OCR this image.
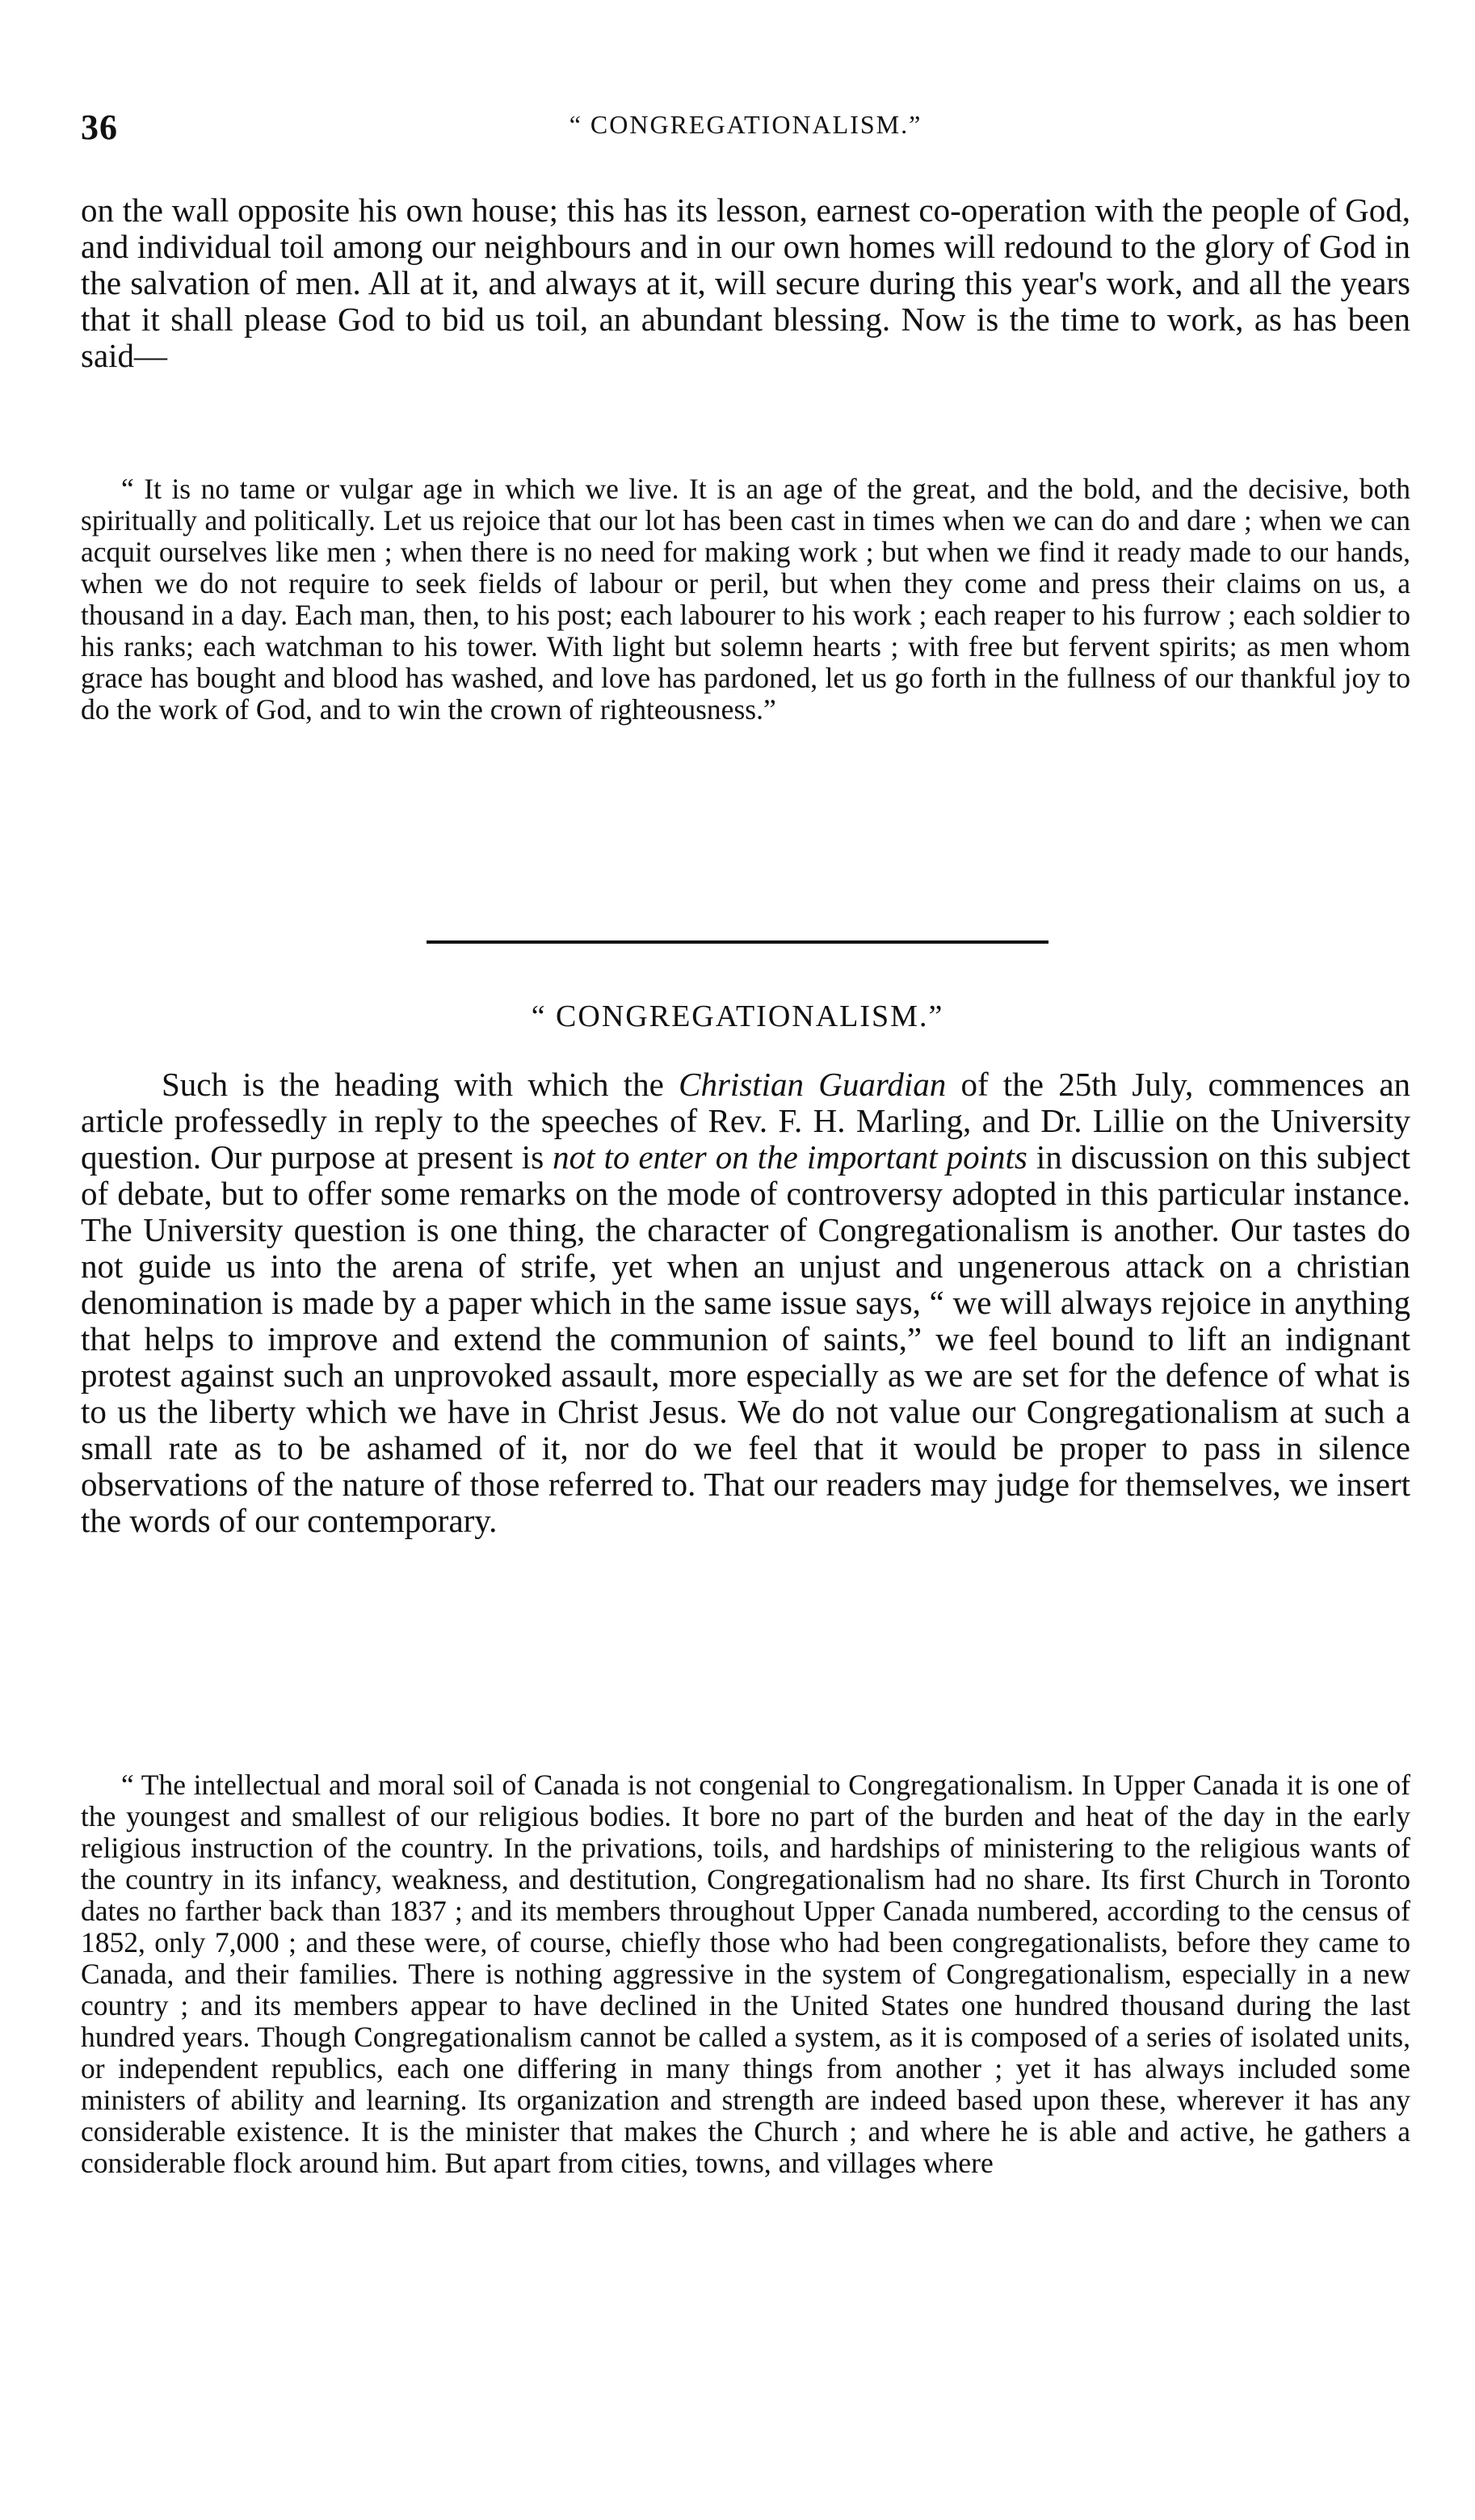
36	“ CONGREGATIONALISM.”

on the wall opposite his own house; this has its lesson, earnest co-operation with the people of God, and individual toil among our neighbours and in our own homes will redound to the glory of God in the salvation of men. All at it, and always at it, will secure during this year's work, and all the years that it shall please God to bid us toil, an abundant blessing. Now is the time to work, as has been said—

“ It is no tame or vulgar age in which we live. It is an age of the great, and the bold, and the decisive, both spiritually and politically. Let us rejoice that our lot has been cast in times when we can do and dare ; when we can acquit ourselves like men ; when there is no need for making work ; but when we find it ready made to our hands, when we do not require to seek fields of labour or peril, but when they come and press their claims on us, a thousand in a day. Each man, then, to his post; each labourer to his work ; each reaper to his furrow ; each soldier to his ranks; each watchman to his tower. With light but solemn hearts ; with free but fervent spirits; as men whom grace has bought and blood has washed, and love has pardoned, let us go forth in the fullness of our thankful joy to do the work of God, and to win the crown of righteousness.”

“ CONGREGATIONALISM.”

Such is the heading with which the Christian Guardian of the 25th July, commences an article professedly in reply to the speeches of Rev. F. H. Marling, and Dr. Lillie on the University question. Our purpose at present is not to enter on the important points in discussion on this subject of debate, but to offer some remarks on the mode of controversy adopted in this particular instance. The University question is one thing, the character of Congregationalism is another. Our tastes do not guide us into the arena of strife, yet when an unjust and ungenerous attack on a christian denomination is made by a paper which in the same issue says, “ we will always rejoice in anything that helps to improve and extend the communion of saints,” we feel bound to lift an indignant protest against such an unprovoked assault, more especially as we are set for the defence of what is to us the liberty which we have in Christ Jesus. We do not value our Congregationalism at such a small rate as to be ashamed of it, nor do we feel that it would be proper to pass in silence observations of the nature of those referred to. That our readers may judge for themselves, we insert the words of our contemporary.

“ The intellectual and moral soil of Canada is not congenial to Congregationalism. In Upper Canada it is one of the youngest and smallest of our religious bodies. It bore no part of the burden and heat of the day in the early religious instruction of the country. In the privations, toils, and hardships of ministering to the religious wants of the country in its infancy, weakness, and destitution, Congregationalism had no share. Its first Church in Toronto dates no farther back than 1837 ; and its members throughout Upper Canada numbered, according to the census of 1852, only 7,000 ; and these were, of course, chiefly those who had been congregationalists, before they came to Canada, and their families. There is nothing aggressive in the system of Congregationalism, especially in a new country ; and its members appear to have declined in the United States one hundred thousand during the last hundred years. Though Congregationalism cannot be called a system, as it is composed of a series of isolated units, or independent republics, each one differing in many things from another ; yet it has always included some ministers of ability and learning. Its organization and strength are indeed based upon these, wherever it has any considerable existence. It is the minister that makes the Church ; and where he is able and active, he gathers a considerable flock around him. But apart from cities, towns, and villages where
